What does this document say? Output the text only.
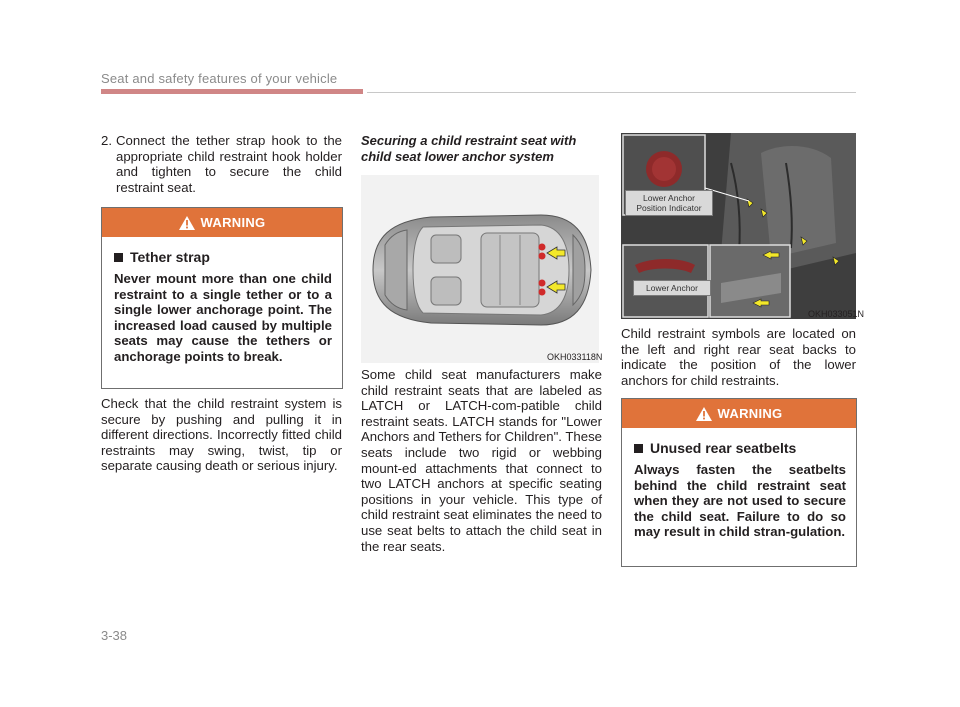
Seat and safety features of your vehicle
2. Connect the tether strap hook to the appropriate child restraint hook holder and tighten to secure the child restraint seat.
WARNING
Tether strap
Never mount more than one child restraint to a single tether or to a single lower anchorage point. The increased load caused by multiple seats may cause the tethers or anchorage points to break.

Check that the child restraint system is secure by pushing and pulling it in different directions. Incorrectly fitted child restraints may swing, twist, tip or separate causing death or serious injury.

Securing a child restraint seat with child seat lower anchor system
OKH033118N

Some child seat manufacturers make child restraint seats that are labeled as LATCH or LATCH-com-patible child restraint seats. LATCH stands for "Lower Anchors and Tethers for Children". These seats include two rigid or webbing mount-ed attachments that connect to two LATCH anchors at specific seating positions in your vehicle. This type of child restraint seat eliminates the need to use seat belts to attach the child seat in the rear seats.

Lower Anchor Position Indicator
Lower Anchor
OKH033051N

Child restraint symbols are located on the left and right rear seat backs to indicate the position of the lower anchors for child restraints.

WARNING
Unused rear seatbelts
Always fasten the seatbelts behind the child restraint seat when they are not used to secure the child seat. Failure to do so may result in child stran-gulation.
3-38
